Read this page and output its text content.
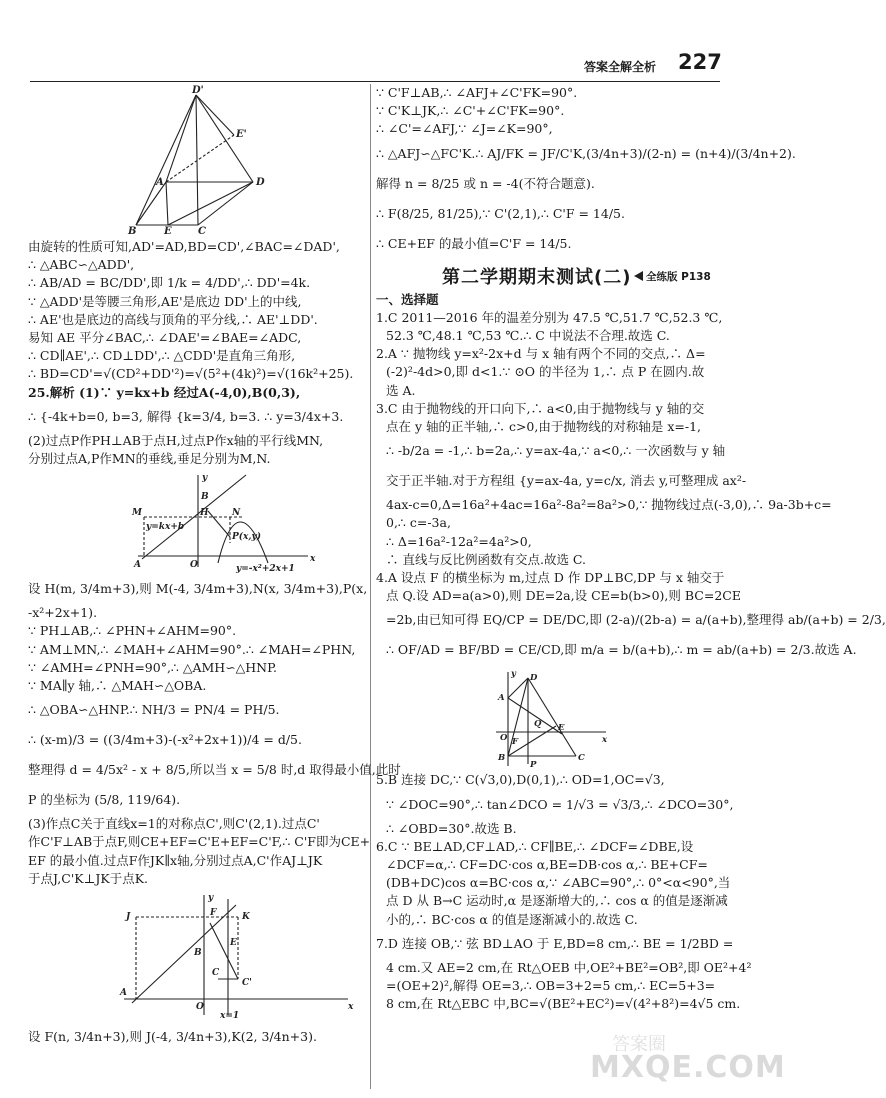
答案全解全析 227
D'
E'
A	D
B	E	C
由旋转的性质可知,AD'=AD,BD=CD',∠BAC=∠DAD',
∴ △ABC∽△ADD',
∴ AB/AD = BC/DD',即 1/k = 4/DD',∴ DD'=4k.
∵ △ADD'是等腰三角形,AE'是底边 DD'上的中线,
∴ AE'也是底边的高线与顶角的平分线,∴ AE'⊥DD'.
易知 AE 平分∠BAC,∴ ∠DAE'=∠BAE=∠ADC,
∴ CD∥AE',∴ CD⊥DD',∴ △CDD'是直角三角形,
∴ BD=CD'=√(CD²+DD'²)=√(5²+(4k)²)=√(16k²+25).
25.解析 (1)∵ y=kx+b 经过A(-4,0),B(0,3),
∴ {-4k+b=0, b=3, 解得 {k=3/4, b=3. ∴ y=3/4x+3.
(2)过点P作PH⊥AB于点H,过点P作x轴的平行线MN,
分别过点A,P作MN的垂线,垂足分别为M,N.
y
B
M
y=kx+b
H	N
P(x,y)
A	O
x
y=-x²+2x+1
设 H(m, 3/4m+3),则 M(-4, 3/4m+3),N(x, 3/4m+3),P(x,
-x²+2x+1).
∵ PH⊥AB,∴ ∠PHN+∠AHM=90°.
∵ AM⊥MN,∴ ∠MAH+∠AHM=90°.∴ ∠MAH=∠PHN,
∵ ∠AMH=∠PNH=90°,∴ △AMH∽△HNP.
∵ MA∥y 轴,∴ △MAH∽△OBA.
∴ △OBA∽△HNP.∴ NH/3 = PN/4 = PH/5.
∴ (x-m)/3 = ((3/4m+3)-(-x²+2x+1))/4 = d/5.
整理得 d = 4/5x² - x + 8/5,所以当 x = 5/8 时,d 取得最小值,此时
P 的坐标为 (5/8, 119/64).
(3)作点C关于直线x=1的对称点C',则C'(2,1).过点C'
作C'F⊥AB于点F,则CE+EF=C'E+EF=C'F,∴ C'F即为CE+
EF 的最小值.过点F作JK∥x轴,分别过点A,C'作AJ⊥JK
于点J,C'K⊥JK于点K.
y
J	F	K
E
B
C
C'
A
O	x
x=1
设 F(n, 3/4n+3),则 J(-4, 3/4n+3),K(2, 3/4n+3).
∵ C'F⊥AB,∴ ∠AFJ+∠C'FK=90°.
∵ C'K⊥JK,∴ ∠C'+∠C'FK=90°.
∴ ∠C'=∠AFJ,∵ ∠J=∠K=90°,
∴ △AFJ∽△FC'K.∴ AJ/FK = JF/C'K,(3/4n+3)/(2-n) = (n+4)/(3/4n+2).
解得 n = 8/25 或 n = -4(不符合题意).
∴ F(8/25, 81/25),∵ C'(2,1),∴ C'F = 14/5.
∴ CE+EF 的最小值=C'F = 14/5.
第二学期期末测试(二) 全练版 P138
一、选择题
1.C 2011—2016 年的温差分别为 47.5 ℃,51.7 ℃,52.3 ℃,
52.3 ℃,48.1 ℃,53 ℃.∴ C 中说法不合理.故选 C.
2.A ∵ 抛物线 y=x²-2x+d 与 x 轴有两个不同的交点,∴ Δ=
(-2)²-4d>0,即 d<1.∵ ⊙O 的半径为 1,∴ 点 P 在圆内.故
选 A.
3.C 由于抛物线的开口向下,∴ a<0,由于抛物线与 y 轴的交
点在 y 轴的正半轴,∴ c>0,由于抛物线的对称轴是 x=-1,
∴ -b/2a = -1,∴ b=2a,∴ y=ax-4a,∵ a<0,∴ 一次函数与 y 轴
交于正半轴.对于方程组 {y=ax-4a, y=c/x, 消去 y,可整理成 ax²-
4ax-c=0,Δ=16a²+4ac=16a²-8a²=8a²>0,∵ 抛物线过点(-3,0),∴ 9a-3b+c=
0,∴ c=-3a,
∴ Δ=16a²-12a²=4a²>0,
∴ 直线与反比例函数有交点.故选 C.
4.A 设点 F 的横坐标为 m,过点 D 作 DP⊥BC,DP 与 x 轴交于
点 Q.设 AD=a(a>0),则 DE=2a,设 CE=b(b>0),则 BC=2CE
=2b,由已知可得 EQ/CP = DE/DC,即 (2-a)/(2b-a) = a/(a+b),整理得 ab/(a+b) = 2/3,
∴ OF/AD = BF/BD = CE/CD,即 m/a = b/(a+b),∴ m = ab/(a+b) = 2/3.故选 A.
y
A
D
Q
F
E
B
O
P
C
x
5.B 连接 DC,∵ C(√3,0),D(0,1),∴ OD=1,OC=√3,
∵ ∠DOC=90°,∴ tan∠DCO = 1/√3 = √3/3,∴ ∠DCO=30°,
∴ ∠OBD=30°.故选 B.
6.C ∵ BE⊥AD,CF⊥AD,∴ CF∥BE,∴ ∠DCF=∠DBE,设
∠DCF=α,∴ CF=DC·cos α,BE=DB·cos α,∴ BE+CF=
(DB+DC)cos α=BC·cos α,∵ ∠ABC=90°,∴ 0°<α<90°,当
点 D 从 B→C 运动时,α 是逐渐增大的,∴ cos α 的值是逐渐减
小的,∴ BC·cos α 的值是逐渐减小的.故选 C.
7.D 连接 OB,∵ 弦 BD⊥AO 于 E,BD=8 cm,∴ BE = 1/2BD =
4 cm.又 AE=2 cm,在 Rt△OEB 中,OE²+BE²=OB²,即 OE²+4²
=(OE+2)²,解得 OE=3,∴ OB=3+2=5 cm,∴ EC=5+3=
8 cm,在 Rt△EBC 中,BC=√(BE²+EC²)=√(4²+8²)=4√5 cm.
答案圈
MXQE.COM
